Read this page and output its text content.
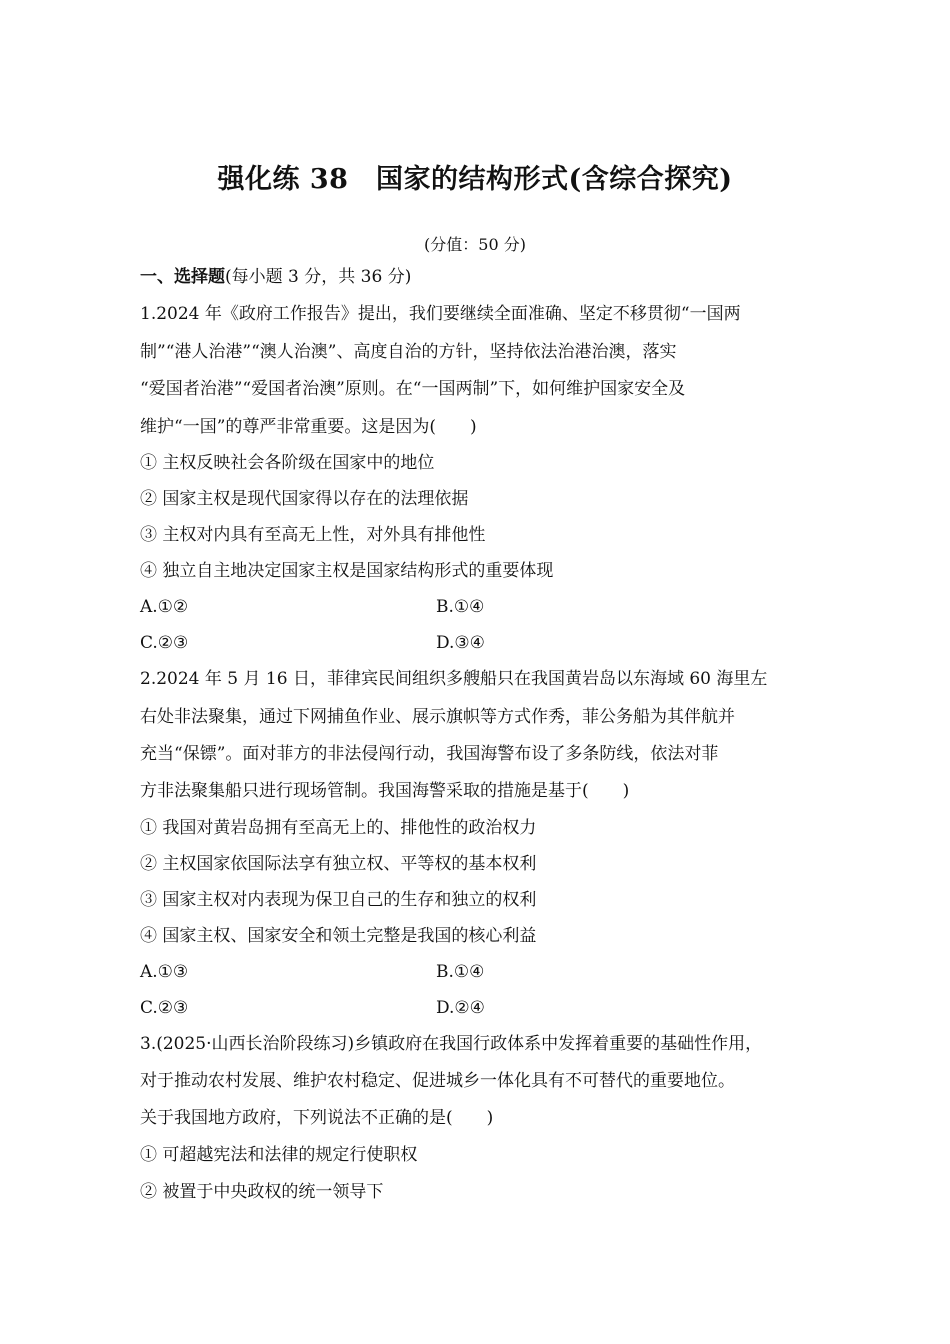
强化练 38　国家的结构形式(含综合探究)
(分值：50 分)
一、选择题(每小题 3 分，共 36 分)
1.2024 年《政府工作报告》提出，我们要继续全面准确、坚定不移贯彻“一国两
制”“港人治港”“澳人治澳”、高度自治的方针，坚持依法治港治澳，落实
“爱国者治港”“爱国者治澳”原则。在“一国两制”下，如何维护国家安全及
维护“一国”的尊严非常重要。这是因为(　　)
① 主权反映社会各阶级在国家中的地位
② 国家主权是现代国家得以存在的法理依据
③ 主权对内具有至高无上性，对外具有排他性
④ 独立自主地决定国家主权是国家结构形式的重要体现
A.①②	B.①④
C.②③	D.③④
2.2024 年 5 月 16 日，菲律宾民间组织多艘船只在我国黄岩岛以东海域 60 海里左
右处非法聚集，通过下网捕鱼作业、展示旗帜等方式作秀，菲公务船为其伴航并
充当“保镖”。面对菲方的非法侵闯行动，我国海警布设了多条防线，依法对菲
方非法聚集船只进行现场管制。我国海警采取的措施是基于(　　)
① 我国对黄岩岛拥有至高无上的、排他性的政治权力
② 主权国家依国际法享有独立权、平等权的基本权利
③ 国家主权对内表现为保卫自己的生存和独立的权利
④ 国家主权、国家安全和领土完整是我国的核心利益
A.①③	B.①④
C.②③	D.②④
3.(2025·山西长治阶段练习)乡镇政府在我国行政体系中发挥着重要的基础性作用，
对于推动农村发展、维护农村稳定、促进城乡一体化具有不可替代的重要地位。
关于我国地方政府，下列说法不正确的是(　　)
① 可超越宪法和法律的规定行使职权
② 被置于中央政权的统一领导下
